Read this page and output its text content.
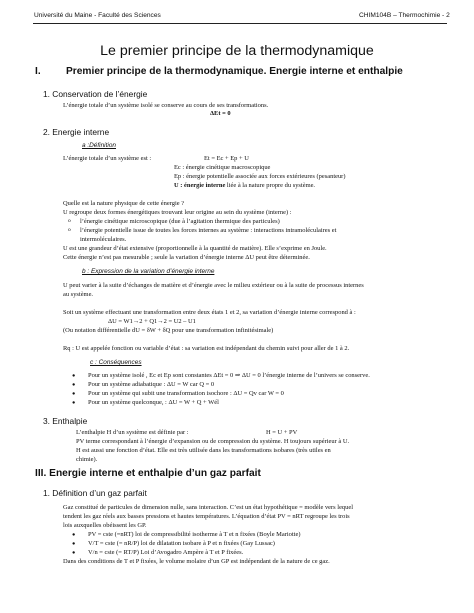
Université du Maine - Faculté des Sciences	CHIM104B – Thermochimie - 2
Le premier principe de la thermodynamique
I. Premier principe de la thermodynamique. Energie interne et enthalpie
1. Conservation de l’énergie
L’énergie totale d’un système isolé se conserve au cours de ses transformations.
ΔEt = 0
2. Energie interne
a :Définition
L’énergie totale d’un système est :	Et = Ec + Ep + U
Ec : énergie cinétique macroscopique
Ep : énergie potentielle associée aux forces extérieures (pesanteur)
U : énergie interne liée à la nature propre du système.
Quelle est la nature physique de cette énergie ?
U regroupe deux formes énergétiques trouvant leur origine au sein du système (interne) :
o l’énergie cinétique microscopique (due à l’agitation thermique des particules)
o l’énergie potentielle issue de toutes les forces internes au système : interactions intramoléculaires et
intermoléculaires.
U est une grandeur d’état extensive (proportionnelle à la quantité de matière). Elle s’exprime en Joule.
Cette énergie n’est pas mesurable ; seule la variation d’énergie interne ΔU peut être déterminée.
b : Expression de la variation d’énergie interne
U peut varier à la suite d’échanges de matière et d’énergie avec le milieu extérieur ou à la suite de processus internes
au système.
Soit un système effectuant une transformation entre deux états 1 et 2, sa variation d’énergie interne correspond à :
ΔU = W1→2 + Q1→2 = U2 – U1
(Ou notation différentielle dU = δW + δQ pour une transformation infinitésimale)
Rq : U est appelée fonction ou variable d’état : sa variation est indépendant du chemin suivi pour aller de 1 à 2.
c : Conséquences
● Pour un système isolé , Ec et Ep sont constantes ΔEt = 0 ⇒ ΔU = 0 l’énergie interne de l’univers se conserve.
● Pour un système adiabatique : ΔU = W car Q = 0
● Pour un système qui subit une transformation isochore : ΔU = Qv car W = 0
● Pour un système quelconque, : ΔU = W + Q + Wél
3. Enthalpie
L’enthalpie H d’un système est définie par :	H = U + PV
PV terme correspondant à l’énergie d’expansion ou de compression du système. H toujours supérieur à U.
H est aussi une fonction d’état. Elle est très utilisée dans les transformations isobares (très utiles en
chimie).
III. Energie interne et enthalpie d’un gaz parfait
1. Définition d’un gaz parfait
Gaz constitué de particules de dimension nulle, sans interaction. C’est un état hypothétique = modèle vers lequel
tendent les gaz réels aux basses pressions et hautes températures. L’équation d’état PV = nRT regroupe les trois
lois auxquelles obéissent les GP.
● PV = cste (=nRT) loi de compressibilité isotherme à T et n fixées (Boyle Mariotte)
● V/T = cste (= nR/P) loi de dilatation isobare à P et n fixées (Gay Lussac)
● V/n = cste (= RT/P) Loi d’Avogadro Ampère à T et P fixées.
Dans des conditions de T et P fixées, le volume molaire d’un GP est indépendant de la nature de ce gaz.
